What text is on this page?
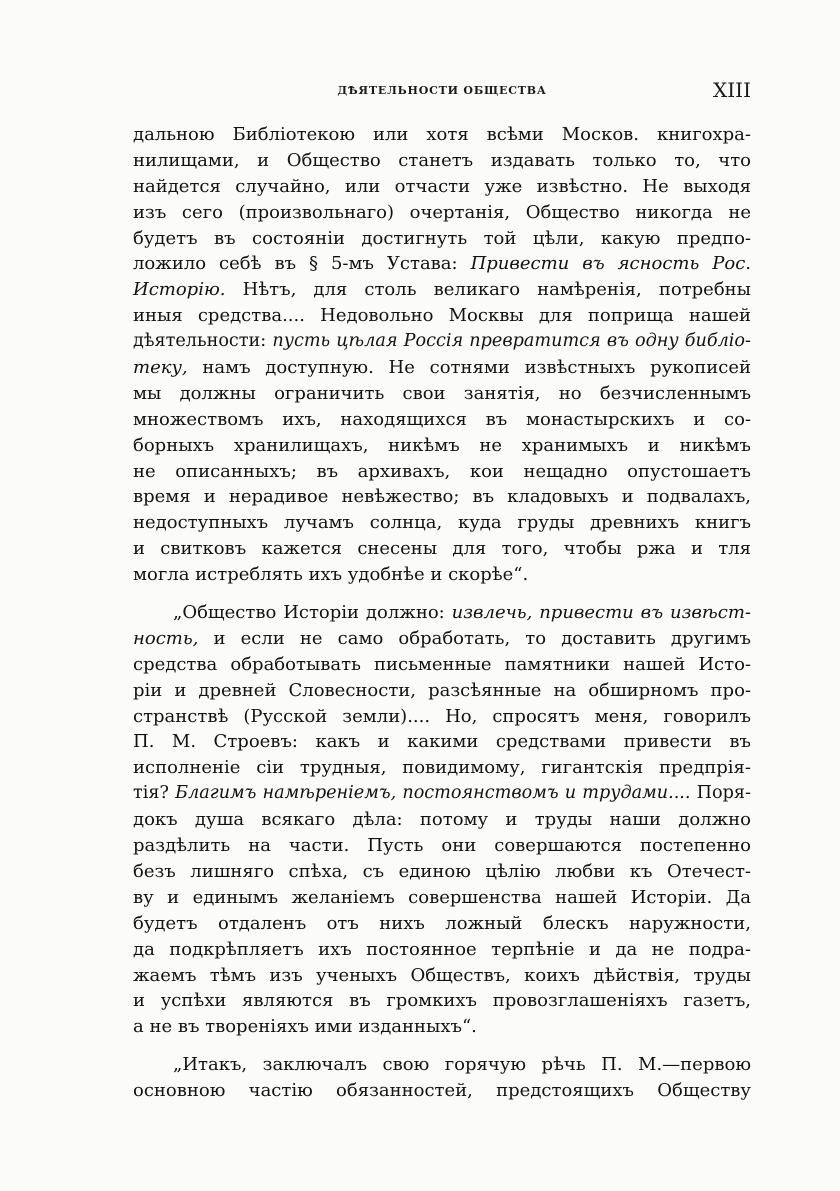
ДѢЯТЕЛЬНОСТИ ОБЩЕСТВА	XIII
дальною Библіотекою или хотя всѣми Москов. книгохра-
нилищами, и Общество станетъ издавать только то, что
найдется случайно, или отчасти уже извѣстно. Не выходя
изъ сего (произвольнаго) очертанія, Общество никогда не
будетъ въ состояніи достигнуть той цѣли, какую предпо-
ложило себѣ въ § 5-мъ Устава: Привести въ ясность Рос.
Исторію. Нѣтъ, для столь великаго намѣренія, потребны
иныя средства.... Недовольно Москвы для поприща нашей
дѣятельности: пусть цѣлая Россія превратится въ одну библіо-
теку, намъ доступную. Не сотнями извѣстныхъ рукописей
мы должны ограничить свои занятія, но безчисленнымъ
множествомъ ихъ, находящихся въ монастырскихъ и со-
борныхъ хранилищахъ, никѣмъ не хранимыхъ и никѣмъ
не описанныхъ; въ архивахъ, кои нещадно опустошаетъ
время и нерадивое невѣжество; въ кладовыхъ и подвалахъ,
недоступныхъ лучамъ солнца, куда груды древнихъ книгъ
и свитковъ кажется снесены для того, чтобы ржа и тля
могла истреблять ихъ удобнѣе и скорѣе“.
„Общество Исторіи должно: извлечь, привести въ извѣст-
ность, и если не само обработать, то доставить другимъ
средства обработывать письменные памятники нашей Исто-
ріи и древней Словесности, разсѣянные на обширномъ про-
странствѣ (Русской земли).... Но, спросятъ меня, говорилъ
П. М. Строевъ: какъ и какими средствами привести въ
исполненіе сіи трудныя, повидимому, гигантскія предпрія-
тія? Благимъ намѣреніемъ, постоянствомъ и трудами.... Поря-
докъ душа всякаго дѣла: потому и труды наши должно
раздѣлить на части. Пусть они совершаются постепенно
безъ лишняго спѣха, съ единою цѣлію любви къ Отечест-
ву и единымъ желаніемъ совершенства нашей Исторіи. Да
будетъ отдаленъ отъ нихъ ложный блескъ наружности,
да подкрѣпляетъ ихъ постоянное терпѣніе и да не подра-
жаемъ тѣмъ изъ ученыхъ Обществъ, коихъ дѣйствія, труды
и успѣхи являются въ громкихъ провозглашеніяхъ газетъ,
а не въ твореніяхъ ими изданныхъ“.
„Итакъ, заключалъ свою горячую рѣчь П. М.—первою
основною частію обязанностей, предстоящихъ Обществу
